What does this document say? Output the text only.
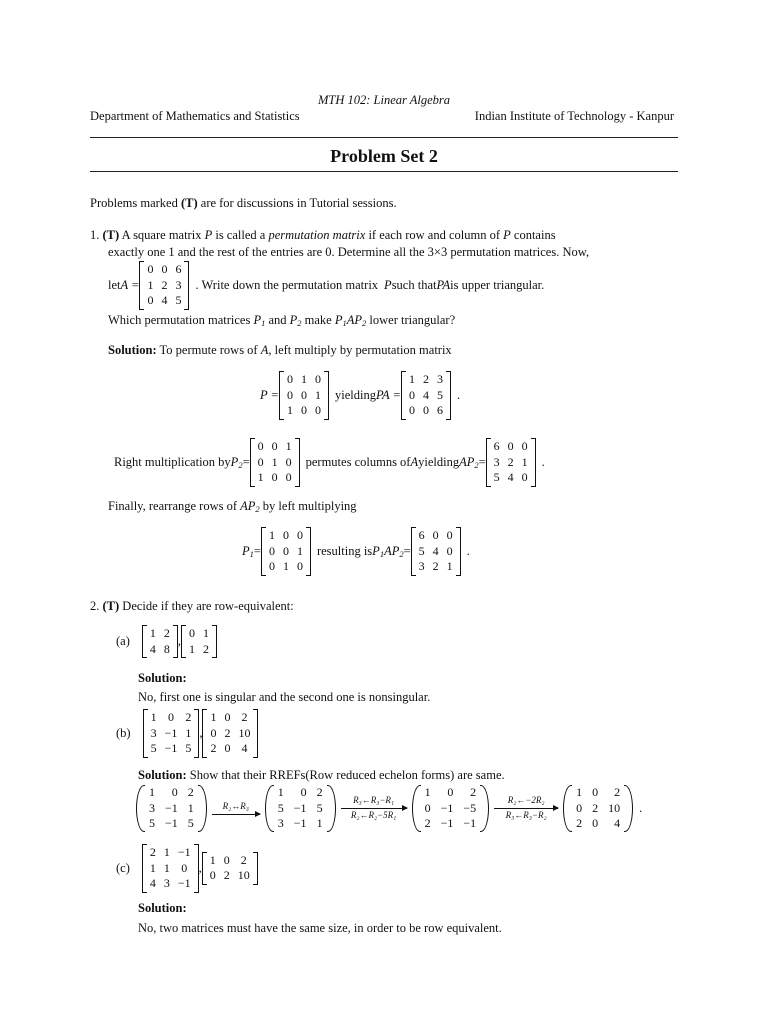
MTH 102: Linear Algebra
Department of Mathematics and Statistics	Indian Institute of Technology - Kanpur
Problem Set 2
Problems marked (T) are for discussions in Tutorial sessions.
1. (T) A square matrix P is called a permutation matrix if each row and column of P contains
exactly one 1 and the rest of the entries are 0. Determine all the 3×3 permutation matrices. Now,
let A =
0	0	6
1	2	3
0	4	5
. Write down the permutation matrix P such that PA is upper triangular.
Which permutation matrices $P_1$ and $P_2$ make $P_1AP_2$ lower triangular?
Solution: To permute rows of A, left multiply by permutation matrix
P =
0	1	0
0	0	1
1	0	0
yielding PA =
1	2	3
0	4	5
0	0	6
.
Right multiplication by $P_2$ =
0	0	1
0	1	0
1	0	0
permutes columns of A yielding $AP_2$ =
6	0	0
3	2	1
5	4	0
.
Finally, rearrange rows of $AP_2$ by left multiplying
$P_1$ =
1	0	0
0	0	1
0	1	0
resulting is $P_1AP_2$ =
6	0	0
5	4	0
3	2	1
.
2. (T) Decide if they are row-equivalent:
(a)
1	2
4	8
,
0	1
1	2
Solution:
No, first one is singular and the second one is nonsingular.
(b)
1	0	2
3	−1	1
5	−1	5
,
1	0	2
0	2	10
2	0	4
Solution: Show that their RREFs(Row reduced echelon forms) are same.
1	0	2
3	−1	1
5	−1	5
R₂↔R₃
1	0	2
5	−1	5
3	−1	1
R₃←R₃−R₁
R₂←R₂−5R₁
1	0	2
0	−1	−5
2	−1	−1
R₂←−2R₂
R₃←R₃−R₂
1	0	2
0	2	10
2	0	4
.
(c)
2	1	−1
1	1	0
4	3	−1
,
1	0	2
0	2	10
Solution:
No, two matrices must have the same size, in order to be row equivalent.
